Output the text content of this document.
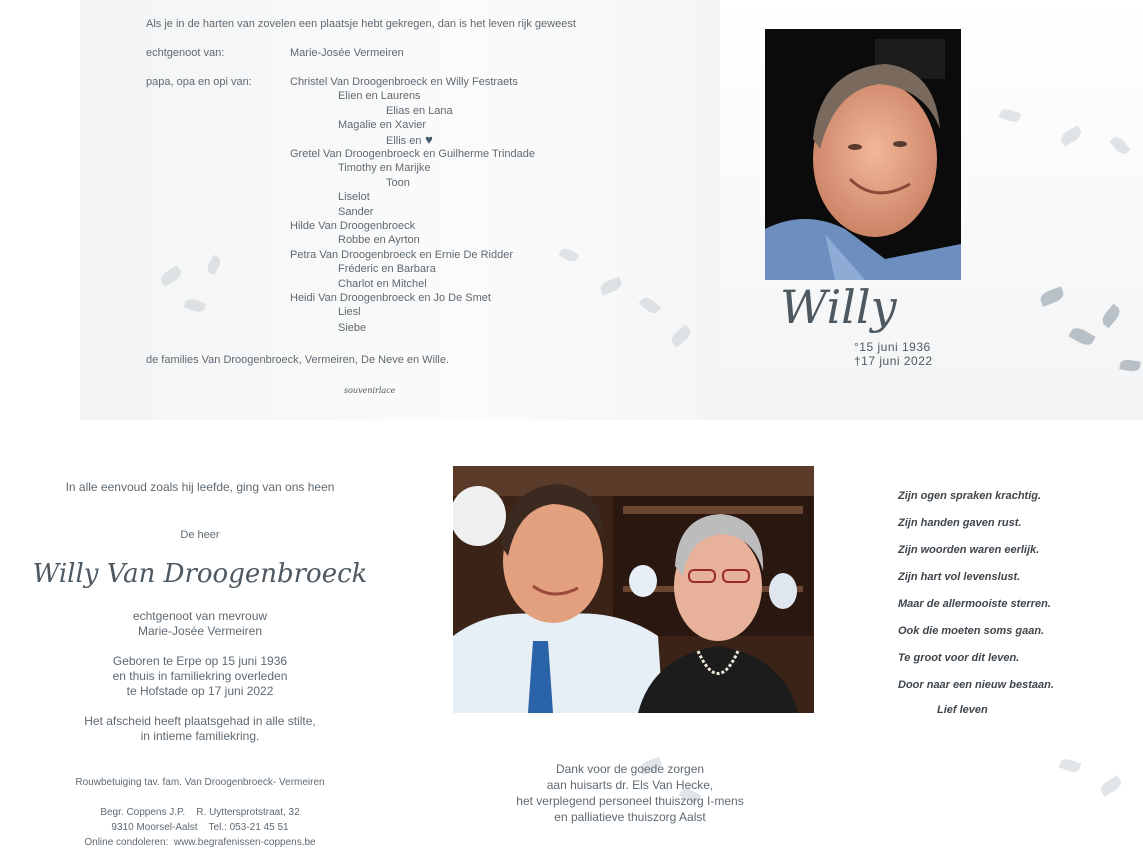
Als je in de harten van zovelen een plaatsje hebt gekregen, dan is het leven rijk geweest
echtgenoot van:	Marie-Josée Vermeiren
papa, opa en opi van:	Christel Van Droogenbroeck en Willy Festraets
Elien en Laurens
Elias en Lana
Magalie en Xavier
Ellis en ♥
Gretel Van Droogenbroeck en Guilherme Trindade
Timothy en Marijke
Toon
Liselot
Sander
Hilde Van Droogenbroeck
Robbe en Ayrton
Petra Van Droogenbroeck en Ernie De Ridder
Fréderic en Barbara
Charlot en Mitchel
Heidi Van Droogenbroeck en Jo De Smet
Liesl
Siebe
de families Van Droogenbroeck, Vermeiren, De Neve en Wille.
souvenirlace
Willy
°15 juni 1936
†17 juni 2022
In alle eenvoud zoals hij leefde, ging van ons heen
De heer
Willy Van Droogenbroeck
echtgenoot van mevrouw
Marie-Josée Vermeiren
Geboren te Erpe op 15 juni 1936
en thuis in familiekring overleden
te Hofstade op 17 juni 2022
Het afscheid heeft plaatsgehad in alle stilte,
in intieme familiekring.
Rouwbetuiging tav. fam. Van Droogenbroeck- Vermeiren
Begr. Coppens J.P.    R. Uyttersprotstraat, 32
9310 Moorsel-Aalst    Tel.: 053-21 45 51
Online condoleren:  www.begrafenissen-coppens.be
Dank voor de goede zorgen
aan huisarts dr. Els Van Hecke,
het verplegend personeel thuiszorg I-mens
en palliatieve thuiszorg Aalst
Zijn ogen spraken krachtig.
Zijn handen gaven rust.
Zijn woorden waren eerlijk.
Zijn hart vol levenslust.
Maar de allermooiste sterren.
Ook die moeten soms gaan.
Te groot voor dit leven.
Door naar een nieuw bestaan.
Lief leven
